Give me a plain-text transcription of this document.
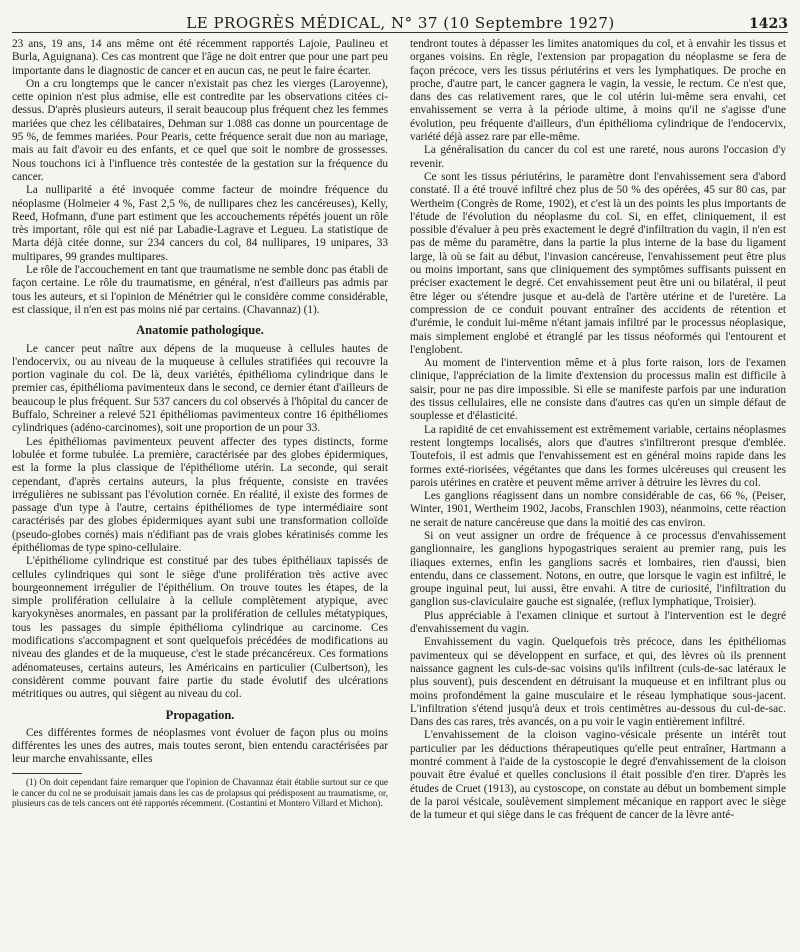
LE PROGRÈS MÉDICAL, N° 37 (10 Septembre 1927)	1423

23 ans, 19 ans, 14 ans même ont été récemment rapportés Lajoie, Paulineu et Burla, Aguignana). Ces cas montrent que l'âge ne doit entrer que pour une part peu importante dans le diagnostic de cancer et en aucun cas, ne peut le faire écarter.

On a cru longtemps que le cancer n'existait pas chez les vierges (Laroyenne), cette opinion n'est plus admise, elle est contredite par les observations citées ci-dessus. D'après plusieurs auteurs, il serait beaucoup plus fréquent chez les femmes mariées que chez les célibataires, Dehman sur 1.088 cas donne un pourcentage de 95 %, de femmes mariées. Pour Pearis, cette fréquence serait due non au mariage, mais au fait d'avoir eu des enfants, et ce quel que soit le nombre de grossesses. Nous touchons ici à l'influence très contestée de la gestation sur la fréquence du cancer.

La nulliparité a été invoquée comme facteur de moindre fréquence du néoplasme (Holmeier 4 %, Fast 2,5 %, de nullipares chez les cancéreuses), Kelly, Reed, Hofmann, d'une part estiment que les accouchements répétés jouent un rôle très important, rôle qui est nié par Labadie-Lagrave et Legueu. La statistique de Marta déjà citée donne, sur 234 cancers du col, 84 nullipares, 19 unipares, 33 multipares, 99 grandes multipares.

Le rôle de l'accouchement en tant que traumatisme ne semble donc pas établi de façon certaine. Le rôle du traumatisme, en général, n'est d'ailleurs pas admis par tous les auteurs, et si l'opinion de Ménétrier qui le considère comme considérable, est classique, il n'en est pas moins nié par certains. (Chavannaz) (1).

Anatomie pathologique.

Le cancer peut naître aux dépens de la muqueuse à cellules hautes de l'endocervix, ou au niveau de la muqueuse à cellules stratifiées qui recouvre la portion vaginale du col. De là, deux variétés, épithélioma cylindrique dans le premier cas, épithélioma pavimenteux dans le second, ce dernier étant d'ailleurs de beaucoup le plus fréquent. Sur 537 cancers du col observés à l'hôpital du cancer de Buffalo, Schreiner a relevé 521 épithéliomas pavimenteux contre 16 épithéliomes cylindriques (adéno-carcinomes), soit une proportion de un pour 33.

Les épithéliomas pavimenteux peuvent affecter des types distincts, forme lobulée et forme tubulée. La première, caractérisée par des globes épidermiques, est la forme la plus classique de l'épithéliome utérin. La seconde, qui serait cependant, d'après certains auteurs, la plus fréquente, consiste en travées irrégulières ne subissant pas l'évolution cornée. En réalité, il existe des formes de passage d'un type à l'autre, certains épithéliomes de type intermédiaire sont caractérisés par des globes épidermiques ayant subi une transformation colloïde (pseudo-globes cornés) mais n'édifiant pas de vrais globes kératinisés comme les épithéliomas de type spino-cellulaire.

L'épithéliome cylindrique est constitué par des tubes épithéliaux tapissés de cellules cylindriques qui sont le siège d'une prolifération très active avec bourgeonnement irrégulier de l'épithélium. On trouve toutes les étapes, de la simple prolifération cellulaire à la cellule complètement atypique, avec karyokynèses anormales, en passant par la prolifération de cellules métatypiques, tous les passages du simple épithélioma cylindrique au carcinome. Ces modifications s'accompagnent et sont quelquefois précédées de modifications au niveau des glandes et de la muqueuse, c'est le stade précancéreux. Ces formations adénomateuses, certains auteurs, les Américains en particulier (Culbertson), les considèrent comme pouvant faire partie du stade évolutif des ulcérations métritiques ou autres, qui siègent au niveau du col.

Propagation.

Ces différentes formes de néoplasmes vont évoluer de façon plus ou moins différentes les unes des autres, mais toutes seront, bien entendu caractérisées par leur marche envahissante, elles

(1) On doit cependant faire remarquer que l'opinion de Chavannaz était établie surtout sur ce que le cancer du col ne se produisait jamais dans les cas de prolapsus qui prédisposent au traumatisme, or, plusieurs cas de tels cancers ont été rapportés récemment. (Costantini et Montero Villard et Michon).

tendront toutes à dépasser les limites anatomiques du col, et à envahir les tissus et organes voisins. En règle, l'extension par propagation du néoplasme se fera de façon précoce, vers les tissus périutérins et vers les lymphatiques. De proche en proche, d'autre part, le cancer gagnera le vagin, la vessie, le rectum. Ce n'est que, dans des cas relativement rares, que le col utérin lui-même sera envahi, cet envahissement se verra à la période ultime, à moins qu'il ne s'agisse d'une évolution, peu fréquente d'ailleurs, d'un épithélioma cylindrique de l'endocervix, variété déjà assez rare par elle-même.

La généralisation du cancer du col est une rareté, nous aurons l'occasion d'y revenir.

Ce sont les tissus périutérins, le paramètre dont l'envahissement sera d'abord constaté. Il a été trouvé infiltré chez plus de 50 % des opérées, 45 sur 80 cas, par Wertheim (Congrès de Rome, 1902), et c'est là un des points les plus importants de l'étude de l'évolution du néoplasme du col. Si, en effet, cliniquement, il est possible d'évaluer à peu près exactement le degré d'infiltration du vagin, il n'en est pas de même du paramètre, dans la partie la plus interne de la base du ligament large, là où se fait au début, l'invasion cancéreuse, l'envahissement peut être plus ou moins important, sans que cliniquement des symptômes suffisants puissent en préciser exactement le degré. Cet envahissement peut être uni ou bilatéral, il peut être léger ou s'étendre jusque et au-delà de l'artère utérine et de l'uretère. La compression de ce conduit pouvant entraîner des accidents de rétention et d'urémie, le conduit lui-même n'étant jamais infiltré par le processus néoplasique, mais simplement englobé et étranglé par les tissus néoformés qui l'entourent et l'englobent.

Au moment de l'intervention même et à plus forte raison, lors de l'examen clinique, l'appréciation de la limite d'extension du processus malin est difficile à saisir, pour ne pas dire impossible. Si elle se manifeste parfois par une induration des tissus cellulaires, elle ne consiste dans d'autres cas qu'en un simple défaut de souplesse et d'élasticité.

La rapidité de cet envahissement est extrêmement variable, certains néoplasmes restent longtemps localisés, alors que d'autres s'infiltreront presque d'emblée. Toutefois, il est admis que l'envahissement est en général moins rapide dans les formes exté-riorisées, végétantes que dans les formes ulcéreuses qui creusent les parois utérines en cratère et peuvent même arriver à détruire les lèvres du col.

Les ganglions réagissent dans un nombre considérable de cas, 66 %, (Peiser, Winter, 1901, Wertheim 1902, Jacobs, Franschlen 1903), néanmoins, cette réaction ne serait de nature cancéreuse que dans la moitié des cas environ.

Si on veut assigner un ordre de fréquence à ce processus d'envahissement ganglionnaire, les ganglions hypogastriques seraient au premier rang, puis les iliaques externes, enfin les ganglions sacrés et lombaires, rien d'aussi, bien entendu, dans ce classement. Notons, en outre, que lorsque le vagin est infiltré, le groupe inguinal peut, lui aussi, être envahi. A titre de curiosité, l'infiltration du ganglion sus-claviculaire gauche est signalée, (reflux lymphatique, Troisier).

Plus appréciable à l'examen clinique et surtout à l'intervention est le degré d'envahissement du vagin.

Envahissement du vagin. Quelquefois très précoce, dans les épithéliomas pavimenteux qui se développent en surface, et qui, des lèvres où ils prennent naissance gagnent les culs-de-sac voisins qu'ils infiltrent (culs-de-sac latéraux le plus souvent), puis descendent en détruisant la muqueuse et en infiltrant plus ou moins profondément la gaine musculaire et le réseau lymphatique sous-jacent. L'infiltration s'étend jusqu'à deux et trois centimètres au-dessous du cul-de-sac. Dans des cas rares, très avancés, on a pu voir le vagin entièrement infiltré.

L'envahissement de la cloison vagino-vésicale présente un intérêt tout particulier par les déductions thérapeutiques qu'elle peut entraîner, Hartmann a montré comment à l'aide de la cystoscopie le degré d'envahissement de la cloison pouvait être évalué et quelles conclusions il était possible d'en tirer. D'après les études de Cruet (1913), au cystoscope, on constate au début un bombement simple de la paroi vésicale, soulèvement simplement mécanique en rapport avec le siège de la tumeur et qui siège dans le cas fréquent de cancer de la lèvre anté-
